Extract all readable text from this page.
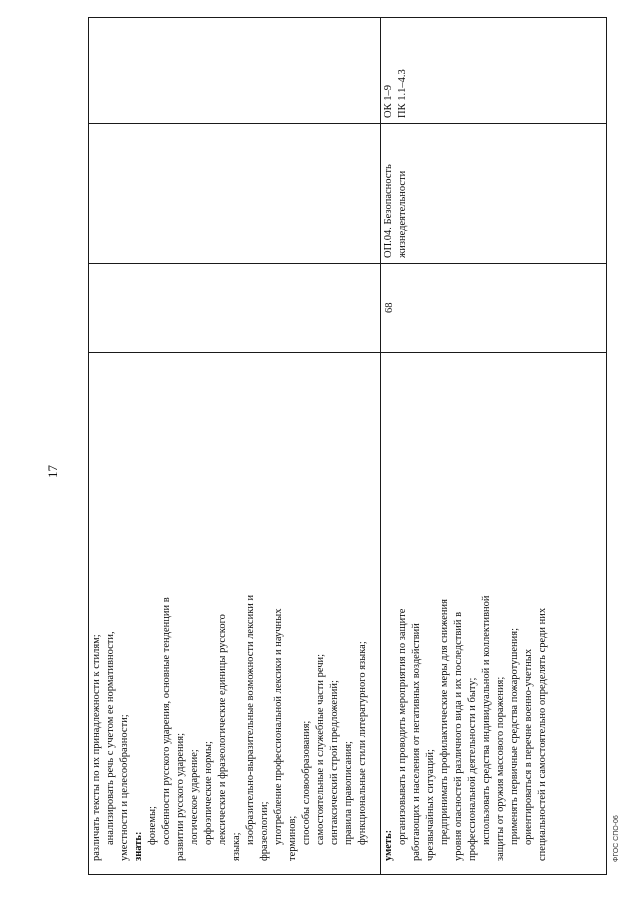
17
ФГОС СПО-06
различать тексты по их принадлежности к стилям; анализировать речь с учетом ее нормативности, уместности и целесообразности; знать:
фонемы; особенности русского ударения, основные тенденции в развитии русского ударения; логическое ударение; орфоэпические нормы; лексические и фразеологические единицы русского
языка;
изобразительно-выразительные возможности лексики и фразеологии; употребление профессиональной лексики и научных терминов; способы словообразования; самостоятельные и служебные части речи; синтаксический строй предложений; правила правописания; функциональные стили литературного языка;
уметь:
организовывать и проводить мероприятия по защите работающих и населения от негативных воздействий чрезвычайных ситуаций; предпринимать профилактические меры для снижения уровня опасностей различного вида и их последствий в профессиональной деятельности и быту; использовать средства индивидуальной и коллективной защиты от оружия массового поражения; применять первичные средства пожаротушения; ориентироваться в перечне военно-учетных специальностей и самостоятельно определять среди них
68
ОП.04. Безопасность жизнедеятельности
ОК 1–9 ПК 1.1–4.3
